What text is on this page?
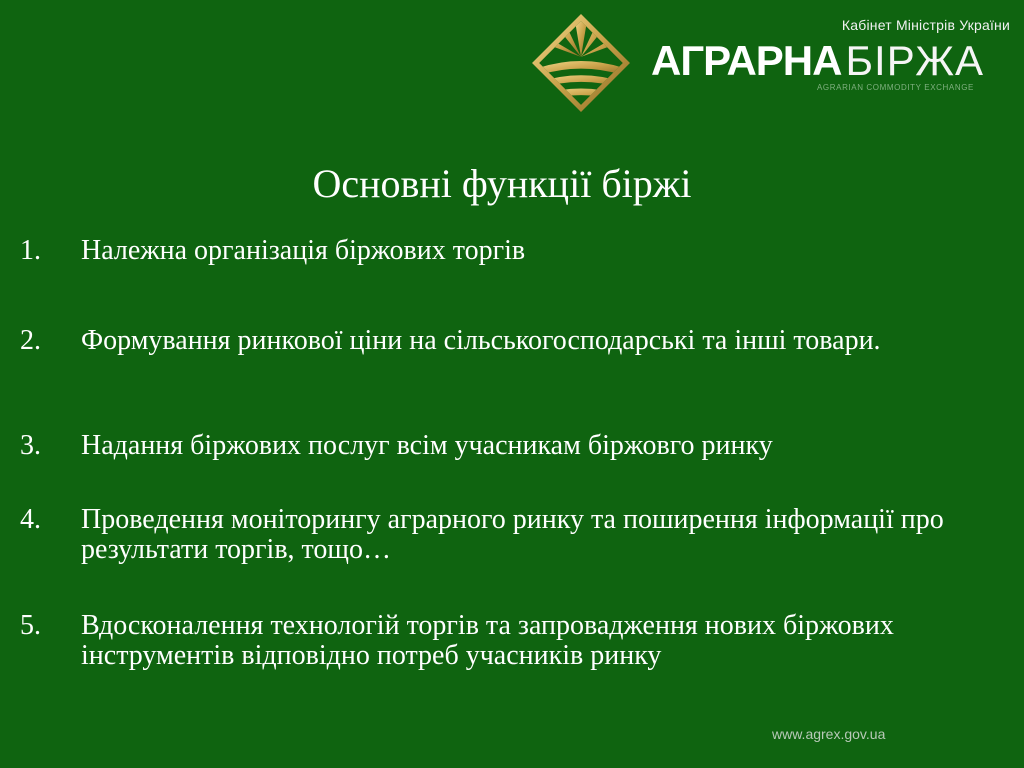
Кабінет Міністрів України
АГРАРНАБІРЖА
AGRARIAN COMMODITY EXCHANGE
Основні функції біржі
1. Належна організація біржових торгів
2. Формування ринкової ціни на сільськогосподарські та інші товари.
3. Надання біржових послуг всім учасникам біржовго ринку
4. Проведення моніторингу аграрного ринку та поширення інформації про результати торгів, тощо…
5. Вдосконалення технологій торгів та запровадження нових біржових інструментів відповідно потреб учасників ринку
www.agrex.gov.ua
